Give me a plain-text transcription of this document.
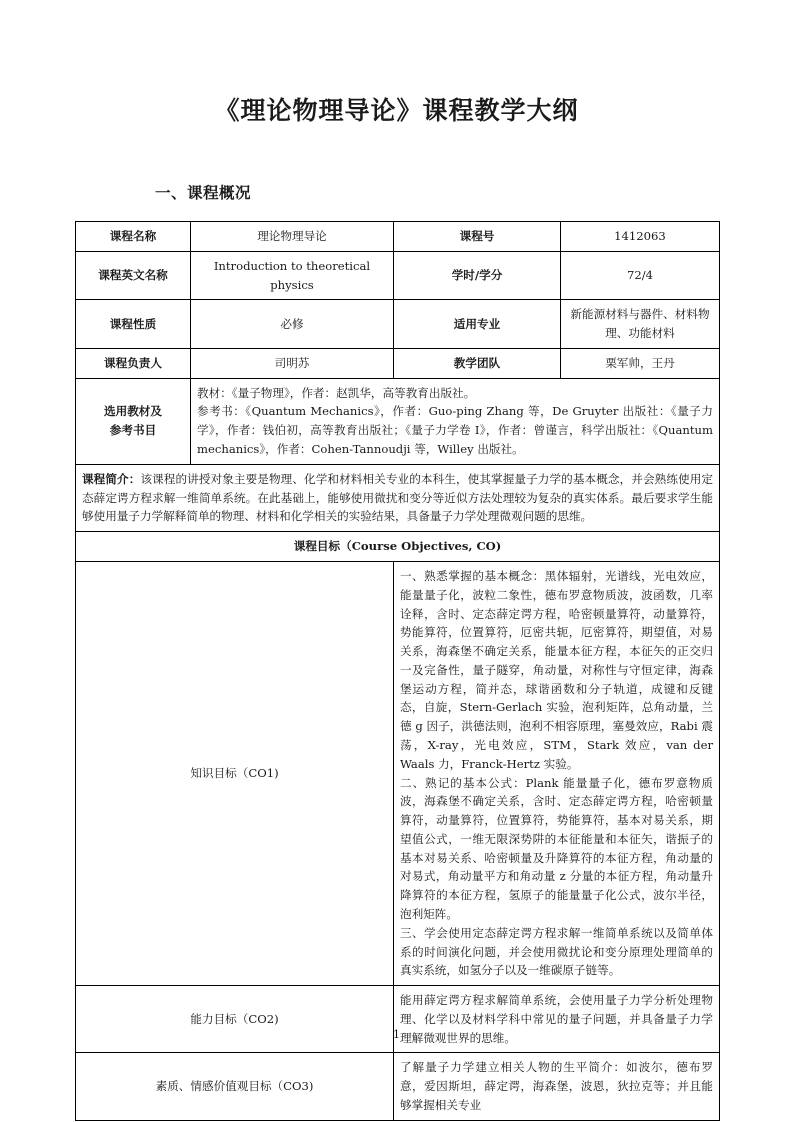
《理论物理导论》课程教学大纲
一、课程概况
课程名称	理论物理导论	课程号	1412063
课程英文名称	Introduction to theoretical physics	学时/学分	72/4
课程性质	必修	适用专业	新能源材料与器件、材料物理、功能材料
课程负责人	司明苏	教学团队	栗军帅，王丹

选用教材及
参考书目

教材：《量子物理》，作者：赵凯华，高等教育出版社。

参考书：《Quantum Mechanics》，作者：Guo-ping Zhang 等，De Gruyter 出版社：《量子力学》，作者：钱伯初，高等教育出版社；《量子力学卷 I》，作者：曾谨言，科学出版社：《Quantum mechanics》，作者：Cohen-Tannoudji 等，Willey 出版社。

课程简介：该课程的讲授对象主要是物理、化学和材料相关专业的本科生，使其掌握量子力学的基本概念，并会熟练使用定态薛定谔方程求解一维简单系统。在此基础上，能够使用微扰和变分等近似方法处理较为复杂的真实体系。最后要求学生能够使用量子力学解释简单的物理、材料和化学相关的实验结果，具备量子力学处理微观问题的思维。			
课程目标（Course Objectives, CO)			
知识目标（CO1)		一、熟悉掌握的基本概念：黑体辐射，光谱线，光电效应，能量量子化，波粒二象性，德布罗意物质波，波函数，几率诠释，含时、定态薛定谔方程，哈密顿量算符，动量算符，势能算符，位置算符，厄密共轭，厄密算符，期望值，对易关系，海森堡不确定关系，能量本征方程，本征矢的正交归一及完备性，量子隧穿，角动量，对称性与守恒定律，海森堡运动方程，简并态，球谐函数和分子轨道，成键和反键态，自旋，Stern‐Gerlach 实验，泡利矩阵，总角动量，兰德 g 因子，洪德法则，泡利不相容原理，塞曼效应，Rabi 震荡，X-ray，光电效应，STM，Stark 效应，van der Waals 力，Franck‐Hertz 实验。

二、熟记的基本公式：Plank 能量量子化，德布罗意物质波，海森堡不确定关系，含时、定态薛定谔方程，哈密顿量算符，动量算符，位置算符，势能算符，基本对易关系，期望值公式，一维无限深势阱的本征能量和本征矢，谐振子的基本对易关系、哈密顿量及升降算符的本征方程，角动量的对易式，角动量平方和角动量 z 分量的本征方程，角动量升降算符的本征方程，氢原子的能量量子化公式，波尔半径，泡利矩阵。

三、学会使用定态薛定谔方程求解一维简单系统以及简单体系的时间演化问题，并会使用微扰论和变分原理处理简单的真实系统，如氢分子以及一维碳原子链等。	

能力目标（CO2)		能用薛定谔方程求解简单系统，会使用量子力学分析处理物理、化学以及材料学科中常见的量子问题，并具备量子力学理解微观世界的思维。	

素质、情感价值观目标（CO3)		了解量子力学建立相关人物的生平简介：如波尔，德布罗意，爱因斯坦，薛定谔，海森堡，波恩，狄拉克等；并且能够掌握相关专业	

1
